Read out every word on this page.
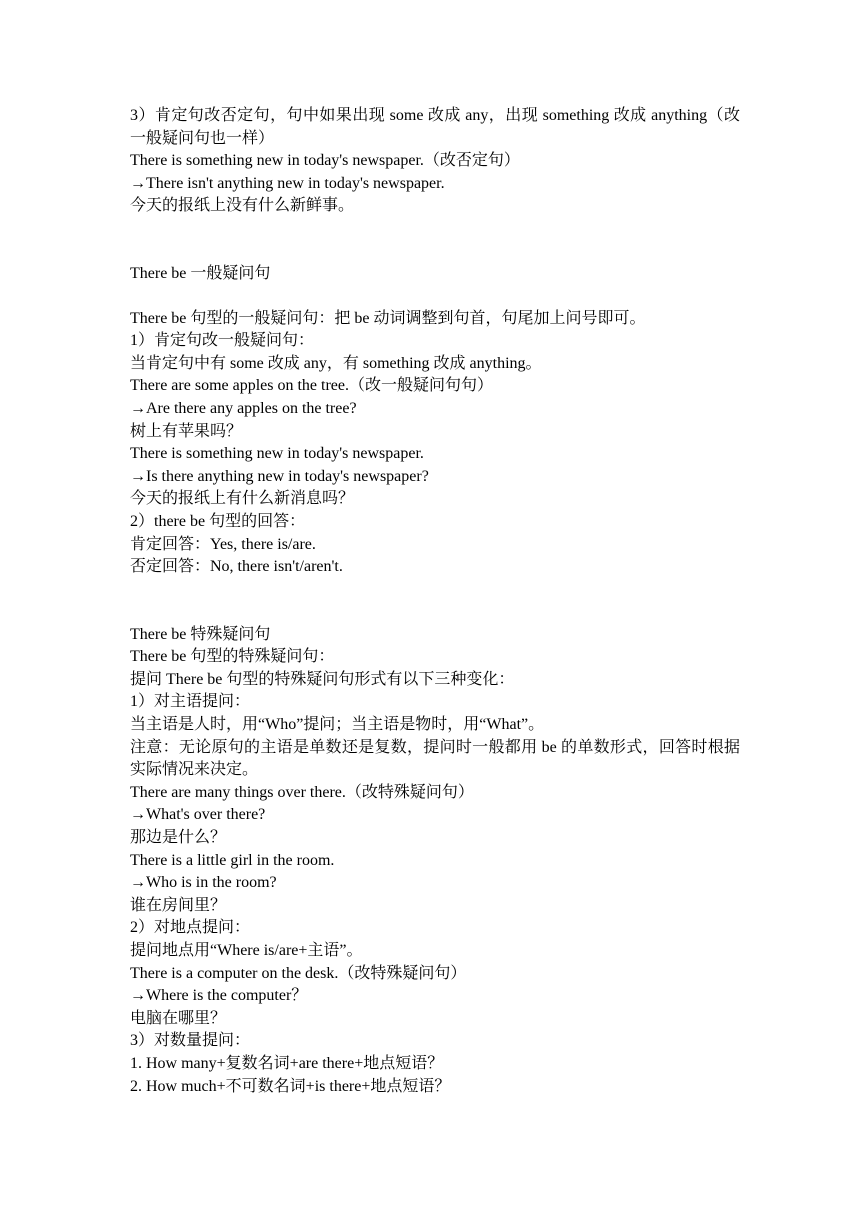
3）肯定句改否定句，句中如果出现 some 改成 any，出现 something 改成 anything（改一般疑问句也一样）
There is something new in today's newspaper.（改否定句）
→There isn't anything new in today's newspaper.
今天的报纸上没有什么新鲜事。
There be 一般疑问句
There be 句型的一般疑问句：把 be 动词调整到句首，句尾加上问号即可。
1）肯定句改一般疑问句：
当肯定句中有 some 改成 any，有 something 改成 anything。
There are some apples on the tree.（改一般疑问句句）
→Are there any apples on the tree?
树上有苹果吗？
There is something new in today's newspaper.
→Is there anything new in today's newspaper?
今天的报纸上有什么新消息吗？
2）there be 句型的回答：
肯定回答：Yes, there is/are.
否定回答：No, there isn't/aren't.
There be 特殊疑问句
There be 句型的特殊疑问句：
提问 There be 句型的特殊疑问句形式有以下三种变化：
1）对主语提问：
当主语是人时，用“Who”提问；当主语是物时，用“What”。
注意：无论原句的主语是单数还是复数，提问时一般都用 be 的单数形式，回答时根据实际情况来决定。
There are many things over there.（改特殊疑问句）
→What's over there?
那边是什么？
There is a little girl in the room.
→Who is in the room?
谁在房间里？
2）对地点提问：
提问地点用“Where is/are+主语”。
There is a computer on the desk.（改特殊疑问句）
→Where is the computer？
电脑在哪里？
3）对数量提问：
1. How many+复数名词+are there+地点短语？
2. How much+不可数名词+is there+地点短语？
